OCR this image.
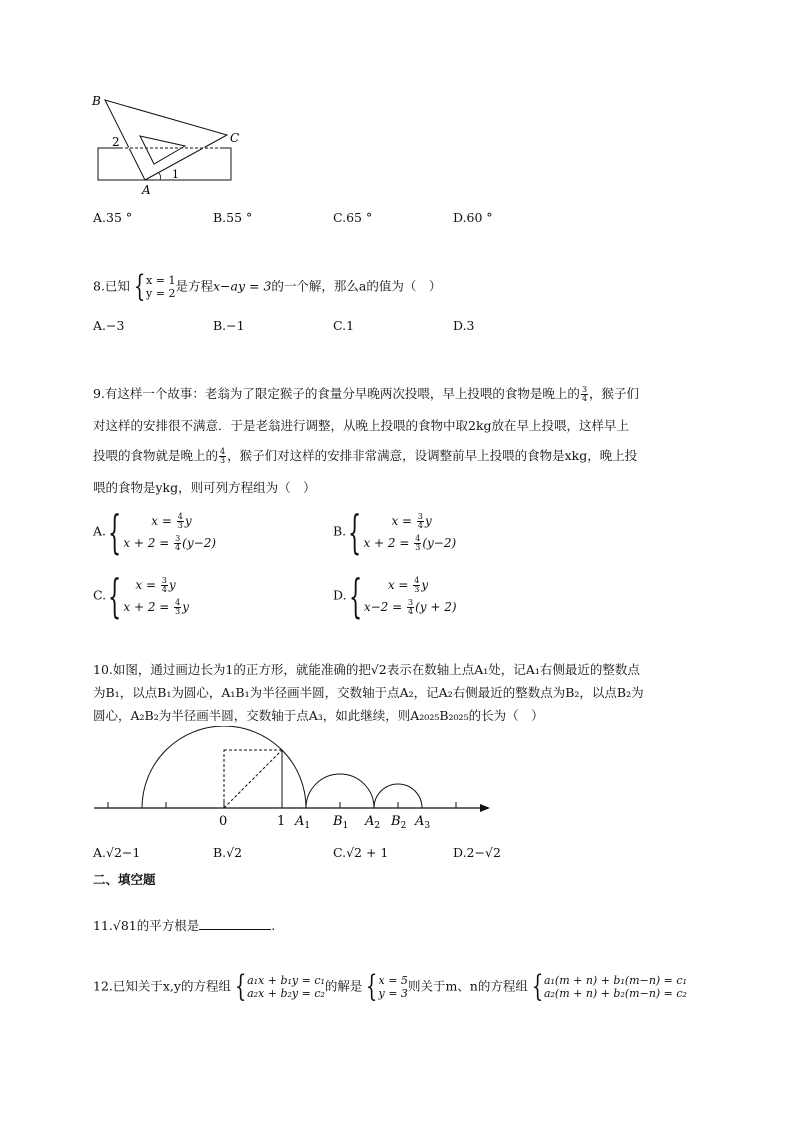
B
C
A
2
1
A.35 °	B.55 °	C.65 °	D.60 °
8.已知 { x = 1
y = 2 是方程x−ay = 3的一个解，那么a的值为（　）
A.−3	B.−1	C.1	D.3
9.有这样一个故事：老翁为了限定猴子的食量分早晚两次投喂，早上投喂的食物是晚上的 $\frac{3}{4}$ ，猴子们
对这样的安排很不满意．于是老翁进行调整，从晚上投喂的食物中取2kg放在早上投喂，这样早上
投喂的食物就是晚上的 $\frac{4}{3}$ ，猴子们对这样的安排非常满意，设调整前早上投喂的食物是xkg，晚上投
喂的食物是ykg，则可列方程组为（　）
A.{	$x = \frac{4}{3}$ y
$x + 2 = \frac{3}{4} (y-2)$
B.{	$x = \frac{3}{4}$ y
$x + 2 = \frac{4}{3} (y-2)$
C.{	$x = \frac{3}{4}$ y
$x + 2 = \frac{4}{3}$ y
D.{	$x = \frac{4}{3}$ y
$x-2 = \frac{3}{4} (y + 2)$
10.如图，通过画边长为1的正方形，就能准确的把√2表示在数轴上点A₁处，记A₁右侧最近的整数点
为B₁，以点B₁为圆心，A₁B₁为半径画半圆，交数轴于点A₂，记A₂右侧最近的整数点为B₂，以点B₂为
圆心，A₂B₂为半径画半圆，交数轴于点A₃，如此继续，则A₂₀₂₅B₂₀₂₅的长为（　）
0	1 $A_1$ $B_1$ $A_2$ $B_2$ $A_3$
A.√2−1	B.√2	C.√2 + 1	D.2−√2
二、填空题
11.√81的平方根是	.
12.已知关于x,y的方程组 { a₁x + b₁y = c₁
a₂x + b₂y = c₂ 的解是 { x = 5
y = 3 则关于m、n的方程组 { a₁(m + n) + b₁(m−n) = c₁
a₂(m + n) + b₂(m−n) = c₂
